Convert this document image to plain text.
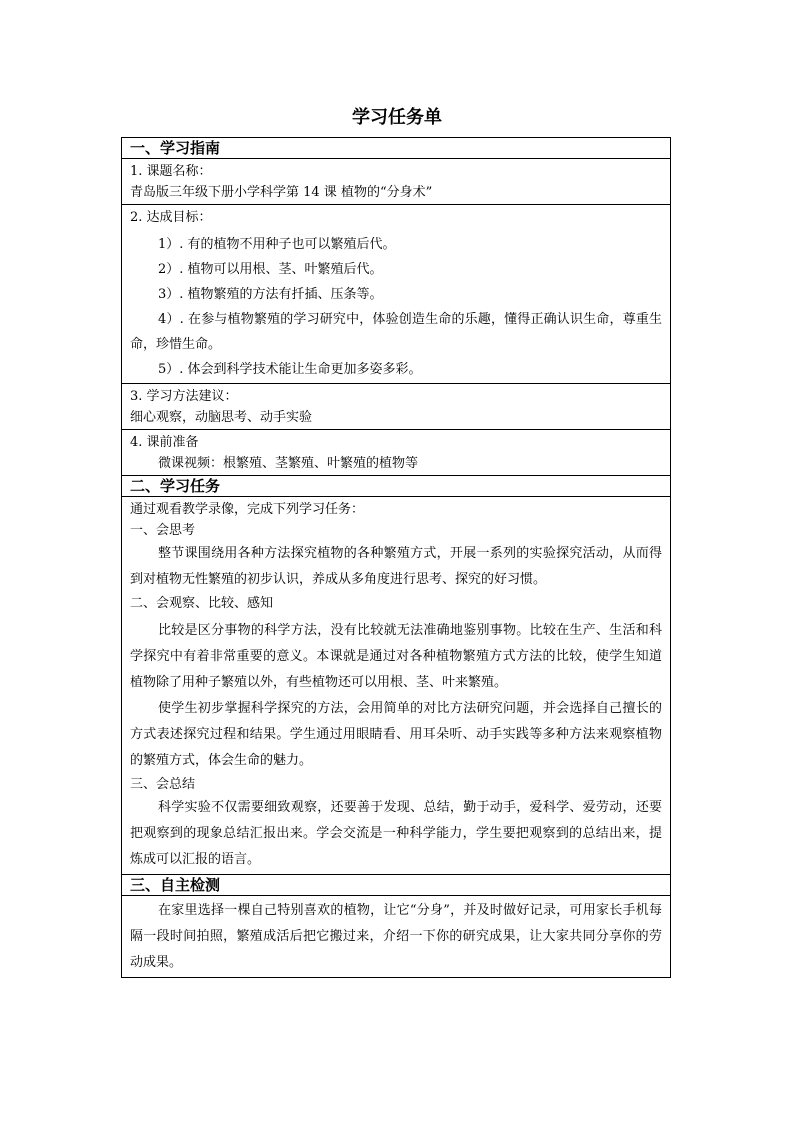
学习任务单
一、学习指南
1. 课题名称：
青岛版三年级下册小学科学第 14 课 植物的“分身术”
2. 达成目标：
1）. 有的植物不用种子也可以繁殖后代。
2）. 植物可以用根、茎、叶繁殖后代。
3）. 植物繁殖的方法有扦插、压条等。
4）. 在参与植物繁殖的学习研究中，体验创造生命的乐趣，懂得正确认识生命，尊重生命，珍惜生命。
5）. 体会到科学技术能让生命更加多姿多彩。
3. 学习方法建议：
细心观察，动脑思考、动手实验
4. 课前准备
微课视频：根繁殖、茎繁殖、叶繁殖的植物等
二、学习任务
通过观看教学录像，完成下列学习任务：
一、会思考
整节课围绕用各种方法探究植物的各种繁殖方式，开展一系列的实验探究活动，从而得到对植物无性繁殖的初步认识，养成从多角度进行思考、探究的好习惯。
二、会观察、比较、感知
比较是区分事物的科学方法，没有比较就无法准确地鉴别事物。比较在生产、生活和科学探究中有着非常重要的意义。本课就是通过对各种植物繁殖方式方法的比较，使学生知道植物除了用种子繁殖以外，有些植物还可以用根、茎、叶来繁殖。
使学生初步掌握科学探究的方法，会用简单的对比方法研究问题，并会选择自己擅长的方式表述探究过程和结果。学生通过用眼睛看、用耳朵听、动手实践等多种方法来观察植物的繁殖方式，体会生命的魅力。
三、会总结
科学实验不仅需要细致观察，还要善于发现、总结，勤于动手，爱科学、爱劳动，还要把观察到的现象总结汇报出来。学会交流是一种科学能力，学生要把观察到的总结出来，提炼成可以汇报的语言。
三、自主检测
在家里选择一棵自己特别喜欢的植物，让它“分身”，并及时做好记录，可用家长手机每隔一段时间拍照，繁殖成活后把它搬过来，介绍一下你的研究成果，让大家共同分享你的劳动成果。
